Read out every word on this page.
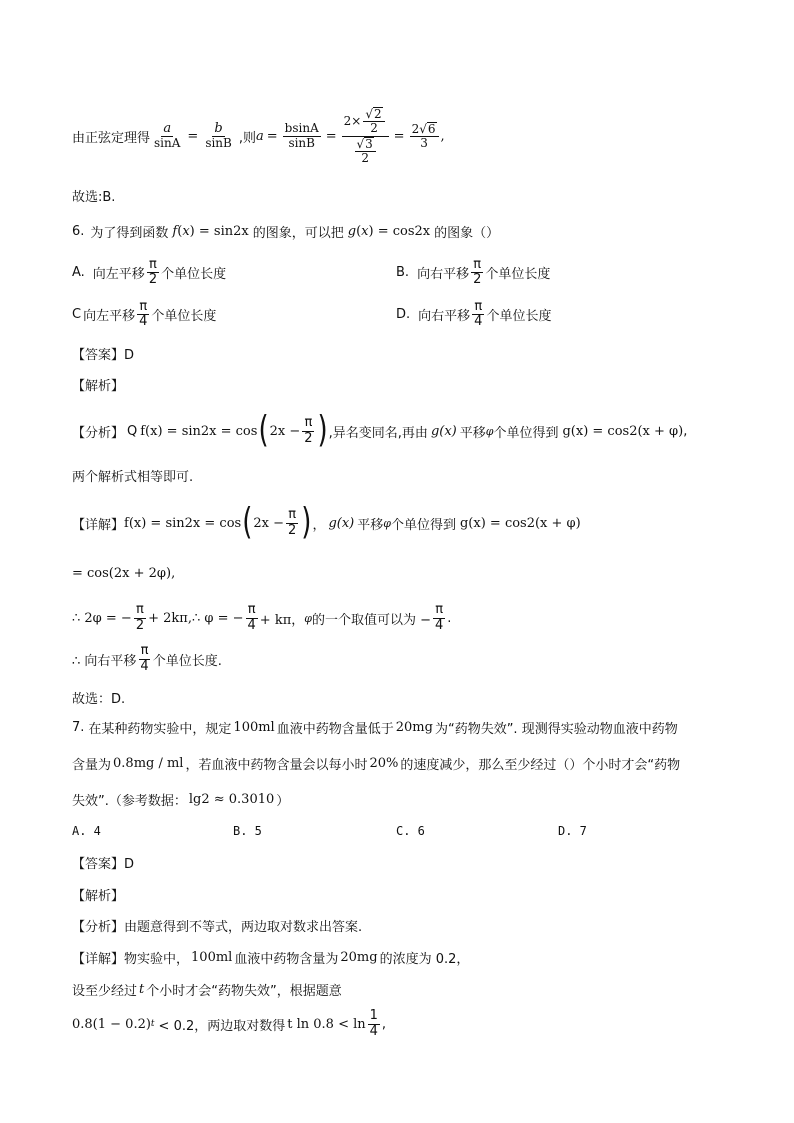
由正弦定理得 $\frac{a}{\sin A} = \frac{b}{\sin B}$ ,则 $a = \frac{bsinA}{\sin B} = \frac{2\times \frac{√ 2}{2}}{\frac{√ 3}{2}} = \frac{2 √ 6}{3}$ ,
故选:B.
6. 为了得到函数 f(x) = sin2x 的图象，可以把 g(x) = cos2x 的图象（）
A. 向左平移 $\frac{\pi}{2}$ 个单位长度	B. 向右平移 $\frac{\pi}{2}$ 个单位长度
C 向左平移 $\frac{\pi}{4}$ 个单位长度	D. 向右平移 $\frac{\pi}{4}$ 个单位长度
【答案】D
【解析】
【分析】 Q f(x) = sin2x = cos ( $2x - \frac{\pi}{2}$ ) ,异名变同名,再由 g(x) 平移 φ 个单位得到 g(x) = cos2(x + φ) ,
两个解析式相等即可.
【详解】 f(x) = sin2x = cos ( $2x - \frac{\pi}{2}$ ) ， g(x) 平移 φ 个单位得到 g(x) = cos2(x + φ)
= cos(2x + 2φ),
∴ 2φ = − $\frac{\pi}{2}$ + 2kπ,∴ φ = − $\frac{\pi}{4} + k\pi$， φ 的一个取值可以为 − $\frac{\pi}{4}$ .
∴ 向右平移 $\frac{\pi}{4}$ 个单位长度.
故选：D.
7. 在某种药物实验中，规定 100ml 血液中药物含量低于 20mg 为“药物失效”. 现测得实验动物血液中药物
含量为 0.8mg / ml ，若血液中药物含量会以每小时 20% 的速度减少，那么至少经过（）个小时才会“药物
失效”.（参考数据： lg2 ≈ 0.3010 ）
A. 4	B. 5	C. 6	D. 7
【答案】D
【解析】
【分析】由题意得到不等式，两边取对数求出答案.
【详解】 物实验中， 100ml 血液中药物含量为 20mg 的浓度为 0.2，
设至少经过 t 个小时才会“药物失效”，根据题意
0.8(1 − 0.2) t < 0.2，两边取对数得 t $\ln 0.8 < \ln \frac{1}{4}$ ,
